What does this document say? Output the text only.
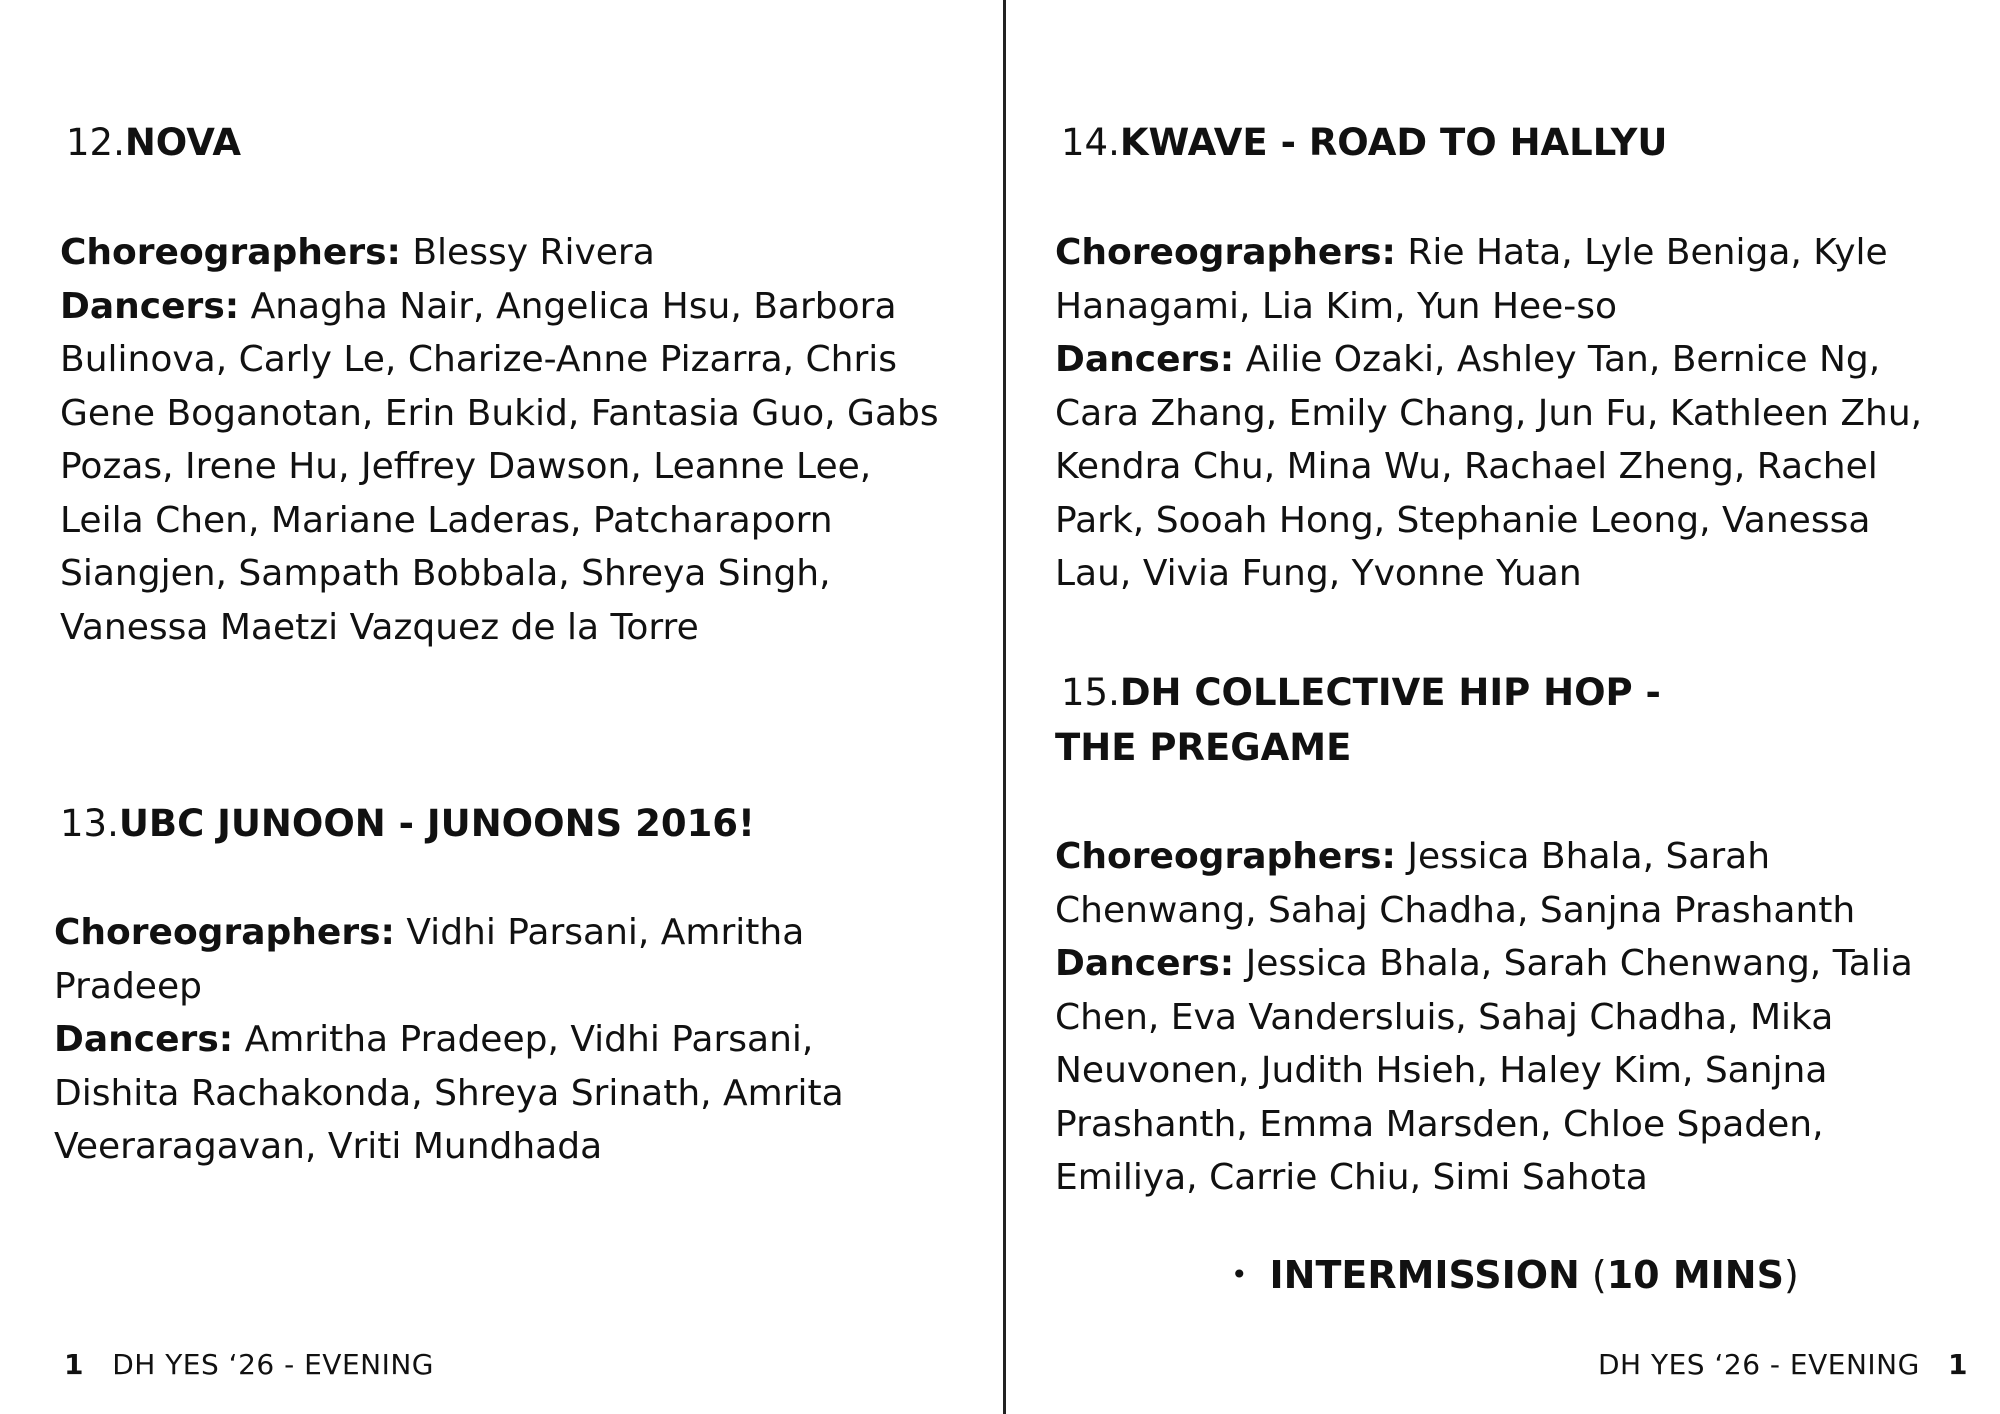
12.NOVA

Choreographers: Blessy Rivera
Dancers: Anagha Nair, Angelica Hsu, Barbora Bulinova, Carly Le, Charize-Anne Pizarra, Chris Gene Boganotan, Erin Bukid, Fantasia Guo, Gabs Pozas, Irene Hu, Jeffrey Dawson, Leanne Lee, Leila Chen, Mariane Laderas, Patcharaporn Siangjen, Sampath Bobbala, Shreya Singh, Vanessa Maetzi Vazquez de la Torre

13.UBC JUNOON - JUNOONS 2016!

Choreographers: Vidhi Parsani, Amritha Pradeep
Dancers: Amritha Pradeep, Vidhi Parsani, Dishita Rachakonda, Shreya Srinath, Amrita Veeraragavan, Vriti Mundhada

1 DH YES ‘26 - EVENING
14.KWAVE - ROAD TO HALLYU

Choreographers: Rie Hata, Lyle Beniga, Kyle Hanagami, Lia Kim, Yun Hee-so
Dancers: Ailie Ozaki, Ashley Tan, Bernice Ng, Cara Zhang, Emily Chang, Jun Fu, Kathleen Zhu, Kendra Chu, Mina Wu, Rachael Zheng, Rachel Park, Sooah Hong, Stephanie Leong, Vanessa Lau, Vivia Fung, Yvonne Yuan

15.DH COLLECTIVE HIP HOP -
THE PREGAME

Choreographers: Jessica Bhala, Sarah Chenwang, Sahaj Chadha, Sanjna Prashanth
Dancers: Jessica Bhala, Sarah Chenwang, Talia Chen, Eva Vandersluis, Sahaj Chadha, Mika Neuvonen, Judith Hsieh, Haley Kim, Sanjna Prashanth, Emma Marsden, Chloe Spaden, Emiliya, Carrie Chiu, Simi Sahota

• INTERMISSION (10 MINS)
DH YES ‘26 - EVENING 1
